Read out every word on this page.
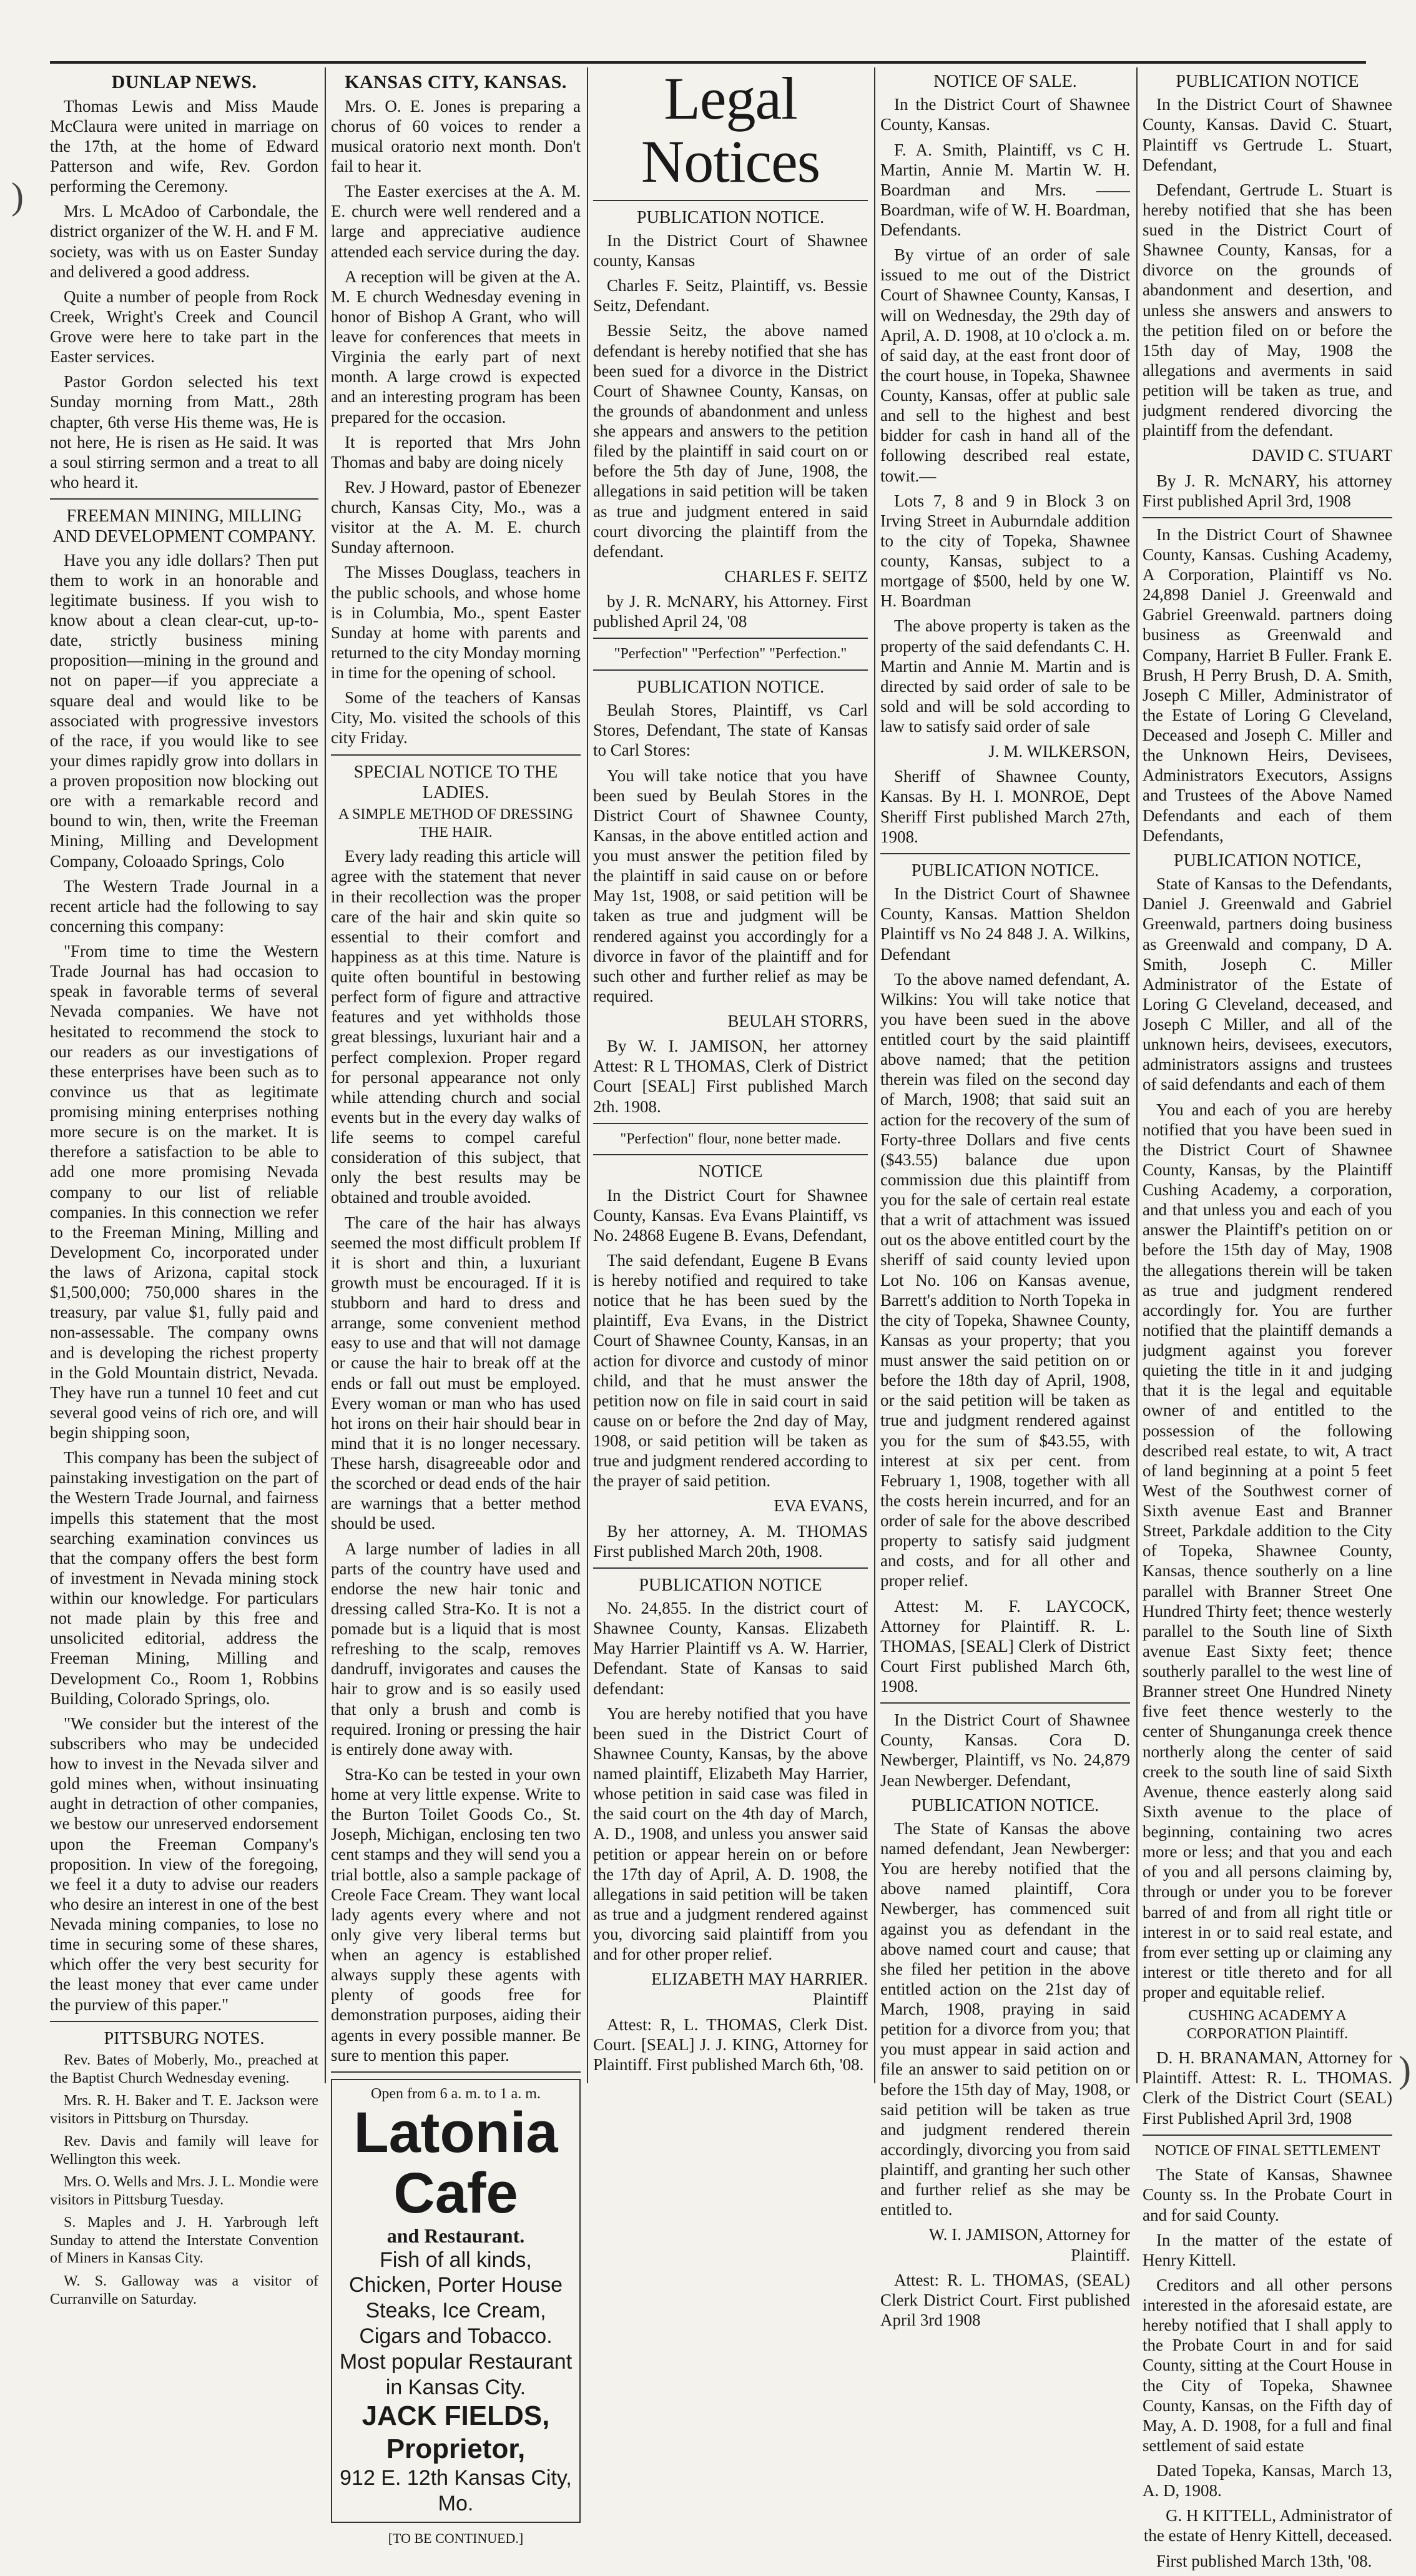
DUNLAP NEWS.

Thomas Lewis and Miss Maude McClaura were united in marriage on the 17th, at the home of Edward Patterson and wife, Rev. Gordon performing the Ceremony.

Mrs. L McAdoo of Carbondale, the district organizer of the W. H. and F M. society, was with us on Easter Sunday and delivered a good address.

Quite a number of people from Rock Creek, Wright's Creek and Council Grove were here to take part in the Easter services.

Pastor Gordon selected his text Sunday morning from Matt., 28th chapter, 6th verse His theme was, He is not here, He is risen as He said. It was a soul stirring sermon and a treat to all who heard it.

FREEMAN MINING, MILLING AND DEVELOPMENT COMPANY.

Have you any idle dollars? Then put them to work in an honorable and legitimate business. If you wish to know about a clean clear-cut, up-to-date, strictly business mining proposition—mining in the ground and not on paper—if you appreciate a square deal and would like to be associated with progressive investors of the race, if you would like to see your dimes rapidly grow into dollars in a proven proposition now blocking out ore with a remarkable record and bound to win, then, write the Freeman Mining, Milling and Development Company, Coloaado Springs, Colo

The Western Trade Journal in a recent article had the following to say concerning this company:

"From time to time the Western Trade Journal has had occasion to speak in favorable terms of several Nevada companies. We have not hesitated to recommend the stock to our readers as our investigations of these enterprises have been such as to convince us that as legitimate promising mining enterprises nothing more secure is on the market. It is therefore a satisfaction to be able to add one more promising Nevada company to our list of reliable companies. In this connection we refer to the Freeman Mining, Milling and Development Co, incorporated under the laws of Arizona, capital stock $1,500,000; 750,000 shares in the treasury, par value $1, fully paid and non-assessable. The company owns and is developing the richest property in the Gold Mountain district, Nevada. They have run a tunnel 10 feet and cut several good veins of rich ore, and will begin shipping soon,

This company has been the subject of painstaking investigation on the part of the Western Trade Journal, and fairness impells this statement that the most searching examination convinces us that the company offers the best form of investment in Nevada mining stock within our knowledge. For particulars not made plain by this free and unsolicited editorial, address the Freeman Mining, Milling and Development Co., Room 1, Robbins Building, Colorado Springs, olo.

"We consider but the interest of the subscribers who may be undecided how to invest in the Nevada silver and gold mines when, without insinuating aught in detraction of other companies, we bestow our unreserved endorsement upon the Freeman Company's proposition. In view of the foregoing, we feel it a duty to advise our readers who desire an interest in one of the best Nevada mining companies, to lose no time in securing some of these shares, which offer the very best security for the least money that ever came under the purview of this paper."

PITTSBURG NOTES.

Rev. Bates of Moberly, Mo., preached at the Baptist Church Wednesday evening.

Mrs. R. H. Baker and T. E. Jackson were visitors in Pittsburg on Thursday.

Rev. Davis and family will leave for Wellington this week.

Mrs. O. Wells and Mrs. J. L. Mondie were visitors in Pittsburg Tuesday.

S. Maples and J. H. Yarbrough left Sunday to attend the Interstate Convention of Miners in Kansas City.

W. S. Galloway was a visitor of Curranville on Saturday.

KANSAS CITY, KANSAS.

Mrs. O. E. Jones is preparing a chorus of 60 voices to render a musical oratorio next month. Don't fail to hear it.

The Easter exercises at the A. M. E. church were well rendered and a large and appreciative audience attended each service during the day.

A reception will be given at the A. M. E church Wednesday evening in honor of Bishop A Grant, who will leave for conferences that meets in Virginia the early part of next month. A large crowd is expected and an interesting program has been prepared for the occasion.

It is reported that Mrs John Thomas and baby are doing nicely

Rev. J Howard, pastor of Ebenezer church, Kansas City, Mo., was a visitor at the A. M. E. church Sunday afternoon.

The Misses Douglass, teachers in the public schools, and whose home is in Columbia, Mo., spent Easter Sunday at home with parents and returned to the city Monday morning in time for the opening of school.

Some of the teachers of Kansas City, Mo. visited the schools of this city Friday.

SPECIAL NOTICE TO THE LADIES.

A SIMPLE METHOD OF DRESSING THE HAIR.

Every lady reading this article will agree with the statement that never in their recollection was the proper care of the hair and skin quite so essential to their comfort and happiness as at this time. Nature is quite often bountiful in bestowing perfect form of figure and attractive features and yet withholds those great blessings, luxuriant hair and a perfect complexion. Proper regard for personal appearance not only while attending church and social events but in the every day walks of life seems to compel careful consideration of this subject, that only the best results may be obtained and trouble avoided.

The care of the hair has always seemed the most difficult problem If it is short and thin, a luxuriant growth must be encouraged. If it is stubborn and hard to dress and arrange, some convenient method easy to use and that will not damage or cause the hair to break off at the ends or fall out must be employed. Every woman or man who has used hot irons on their hair should bear in mind that it is no longer necessary. These harsh, disagreeable odor and the scorched or dead ends of the hair are warnings that a better method should be used.

A large number of ladies in all parts of the country have used and endorse the new hair tonic and dressing called Stra-Ko. It is not a pomade but is a liquid that is most refreshing to the scalp, removes dandruff, invigorates and causes the hair to grow and is so easily used that only a brush and comb is required. Ironing or pressing the hair is entirely done away with.

Stra-Ko can be tested in your own home at very little expense. Write to the Burton Toilet Goods Co., St. Joseph, Michigan, enclosing ten two cent stamps and they will send you a trial bottle, also a sample package of Creole Face Cream. They want local lady agents every where and not only give very liberal terms but when an agency is established always supply these agents with plenty of goods free for demonstration purposes, aiding their agents in every possible manner. Be sure to mention this paper.

Open from 6 a. m. to 1 a. m.
Latonia Cafe
and Restaurant.
Fish of all kinds, Chicken, Porter House Steaks, Ice Cream, Cigars and Tobacco. Most popular Restaurant in Kansas City.
JACK FIELDS, Proprietor,
912 E. 12th Kansas City, Mo.
[TO BE CONTINUED.]
Legal Notices
PUBLICATION NOTICE.

In the District Court of Shawnee county, Kansas

Charles F. Seitz, Plaintiff, vs. Bessie Seitz, Defendant.

Bessie Seitz, the above named defendant is hereby notified that she has been sued for a divorce in the District Court of Shawnee County, Kansas, on the grounds of abandonment and unless she appears and answers to the petition filed by the plaintiff in said court on or before the 5th day of June, 1908, the allegations in said petition will be taken as true and judgment entered in said court divorcing the plaintiff from the defendant.

CHARLES F. SEITZ

by J. R. McNARY, his Attorney. First published April 24, '08

"Perfection" "Perfection" "Perfection."

PUBLICATION NOTICE.

Beulah Stores, Plaintiff, vs Carl Stores, Defendant, The state of Kansas to Carl Stores:

You will take notice that you have been sued by Beulah Stores in the District Court of Shawnee County, Kansas, in the above entitled action and you must answer the petition filed by the plaintiff in said cause on or before May 1st, 1908, or said petition will be taken as true and judgment will be rendered against you accordingly for a divorce in favor of the plaintiff and for such other and further relief as may be required.

BEULAH STORRS,

By W. I. JAMISON, her attorney Attest: R L THOMAS, Clerk of District Court [SEAL] First published March 2th. 1908.

"Perfection" flour, none better made.

NOTICE

In the District Court for Shawnee County, Kansas. Eva Evans Plaintiff, vs No. 24868 Eugene B. Evans, Defendant,

The said defendant, Eugene B Evans is hereby notified and required to take notice that he has been sued by the plaintiff, Eva Evans, in the District Court of Shawnee County, Kansas, in an action for divorce and custody of minor child, and that he must answer the petition now on file in said court in said cause on or before the 2nd day of May, 1908, or said petition will be taken as true and judgment rendered according to the prayer of said petition.

EVA EVANS,

By her attorney, A. M. THOMAS First published March 20th, 1908.

PUBLICATION NOTICE

No. 24,855. In the district court of Shawnee County, Kansas. Elizabeth May Harrier Plaintiff vs A. W. Harrier, Defendant. State of Kansas to said defendant:

You are hereby notified that you have been sued in the District Court of Shawnee County, Kansas, by the above named plaintiff, Elizabeth May Harrier, whose petition in said case was filed in the said court on the 4th day of March, A. D., 1908, and unless you answer said petition or appear herein on or before the 17th day of April, A. D. 1908, the allegations in said petition will be taken as true and a judgment rendered against you, divorcing said plaintiff from you and for other proper relief.

ELIZABETH MAY HARRIER. Plaintiff

Attest: R, L. THOMAS, Clerk Dist. Court. [SEAL] J. J. KING, Attorney for Plaintiff. First published March 6th, '08.

NOTICE OF SALE.

In the District Court of Shawnee County, Kansas.

F. A. Smith, Plaintiff, vs C H. Martin, Annie M. Martin W. H. Boardman and Mrs. —— Boardman, wife of W. H. Boardman, Defendants.

By virtue of an order of sale issued to me out of the District Court of Shawnee County, Kansas, I will on Wednesday, the 29th day of April, A. D. 1908, at 10 o'clock a. m. of said day, at the east front door of the court house, in Topeka, Shawnee County, Kansas, offer at public sale and sell to the highest and best bidder for cash in hand all of the following described real estate, towit.—

Lots 7, 8 and 9 in Block 3 on Irving Street in Auburndale addition to the city of Topeka, Shawnee county, Kansas, subject to a mortgage of $500, held by one W. H. Boardman

The above property is taken as the property of the said defendants C. H. Martin and Annie M. Martin and is directed by said order of sale to be sold and will be sold according to law to satisfy said order of sale

J. M. WILKERSON,

Sheriff of Shawnee County, Kansas. By H. I. MONROE, Dept Sheriff First published March 27th, 1908.

PUBLICATION NOTICE.

In the District Court of Shawnee County, Kansas. Mattion Sheldon Plaintiff vs No 24 848 J. A. Wilkins, Defendant

To the above named defendant, A. Wilkins: You will take notice that you have been sued in the above entitled court by the said plaintiff above named; that the petition therein was filed on the second day of March, 1908; that said suit an action for the recovery of the sum of Forty-three Dollars and five cents ($43.55) balance due upon commission due this plaintiff from you for the sale of certain real estate that a writ of attachment was issued out os the above entitled court by the sheriff of said county levied upon Lot No. 106 on Kansas avenue, Barrett's addition to North Topeka in the city of Topeka, Shawnee County, Kansas as your property; that you must answer the said petition on or before the 18th day of April, 1908, or the said petition will be taken as true and judgment rendered against you for the sum of $43.55, with interest at six per cent. from February 1, 1908, together with all the costs herein incurred, and for an order of sale for the above described property to satisfy said judgment and costs, and for all other and proper relief.

Attest: M. F. LAYCOCK, Attorney for Plaintiff. R. L. THOMAS, [SEAL] Clerk of District Court First published March 6th, 1908.

In the District Court of Shawnee County, Kansas. Cora D. Newberger, Plaintiff, vs No. 24,879 Jean Newberger. Defendant,

PUBLICATION NOTICE.

The State of Kansas the above named defendant, Jean Newberger: You are hereby notified that the above named plaintiff, Cora Newberger, has commenced suit against you as defendant in the above named court and cause; that she filed her petition in the above entitled action on the 21st day of March, 1908, praying in said petition for a divorce from you; that you must appear in said action and file an answer to said petition on or before the 15th day of May, 1908, or said petition will be taken as true and judgment rendered therein accordingly, divorcing you from said plaintiff, and granting her such other and further relief as she may be entitled to.

W. I. JAMISON, Attorney for Plaintiff.

Attest: R. L. THOMAS, (SEAL) Clerk District Court. First published April 3rd 1908

PUBLICATION NOTICE

In the District Court of Shawnee County, Kansas. David C. Stuart, Plaintiff vs Gertrude L. Stuart, Defendant,

Defendant, Gertrude L. Stuart is hereby notified that she has been sued in the District Court of Shawnee County, Kansas, for a divorce on the grounds of abandonment and desertion, and unless she answers and answers to the petition filed on or before the 15th day of May, 1908 the allegations and averments in said petition will be taken as true, and judgment rendered divorcing the plaintiff from the defendant.

DAVID C. STUART

By J. R. McNARY, his attorney First published April 3rd, 1908

In the District Court of Shawnee County, Kansas. Cushing Academy, A Corporation, Plaintiff vs No. 24,898 Daniel J. Greenwald and Gabriel Greenwald. partners doing business as Greenwald and Company, Harriet B Fuller. Frank E. Brush, H Perry Brush, D. A. Smith, Joseph C Miller, Administrator of the Estate of Loring G Cleveland, Deceased and Joseph C. Miller and the Unknown Heirs, Devisees, Administrators Executors, Assigns and Trustees of the Above Named Defendants and each of them Defendants,

PUBLICATION NOTICE,

State of Kansas to the Defendants, Daniel J. Greenwald and Gabriel Greenwald, partners doing business as Greenwald and company, D A. Smith, Joseph C. Miller Administrator of the Estate of Loring G Cleveland, deceased, and Joseph C Miller, and all of the unknown heirs, devisees, executors, administrators assigns and trustees of said defendants and each of them

You and each of you are hereby notified that you have been sued in the District Court of Shawnee County, Kansas, by the Plaintiff Cushing Academy, a corporation, and that unless you and each of you answer the Plaintiff's petition on or before the 15th day of May, 1908 the allegations therein will be taken as true and judgment rendered accordingly for. You are further notified that the plaintiff demands a judgment against you forever quieting the title in it and judging that it is the legal and equitable owner of and entitled to the possession of the following described real estate, to wit, A tract of land beginning at a point 5 feet West of the Southwest corner of Sixth avenue East and Branner Street, Parkdale addition to the City of Topeka, Shawnee County, Kansas, thence southerly on a line parallel with Branner Street One Hundred Thirty feet; thence westerly parallel to the South line of Sixth avenue East Sixty feet; thence southerly parallel to the west line of Branner street One Hundred Ninety five feet thence westerly to the center of Shunganunga creek thence northerly along the center of said creek to the south line of said Sixth Avenue, thence easterly along said Sixth avenue to the place of beginning, containing two acres more or less; and that you and each of you and all persons claiming by, through or under you to be forever barred of and from all right title or interest in or to said real estate, and from ever setting up or claiming any interest or title thereto and for all proper and equitable relief.

CUSHING ACADEMY A CORPORATION Plaintiff.

D. H. BRANAMAN, Attorney for Plaintiff. Attest: R. L. THOMAS. Clerk of the District Court (SEAL) First Published April 3rd, 1908

NOTICE OF FINAL SETTLEMENT

The State of Kansas, Shawnee County ss. In the Probate Court in and for said County.

In the matter of the estate of Henry Kittell.

Creditors and all other persons interested in the aforesaid estate, are hereby notified that I shall apply to the Probate Court in and for said County, sitting at the Court House in the City of Topeka, Shawnee County, Kansas, on the Fifth day of May, A. D. 1908, for a full and final settlement of said estate

Dated Topeka, Kansas, March 13, A. D, 1908.

G. H KITTELL, Administrator of the estate of Henry Kittell, deceased.

First published March 13th, '08.

)
)
